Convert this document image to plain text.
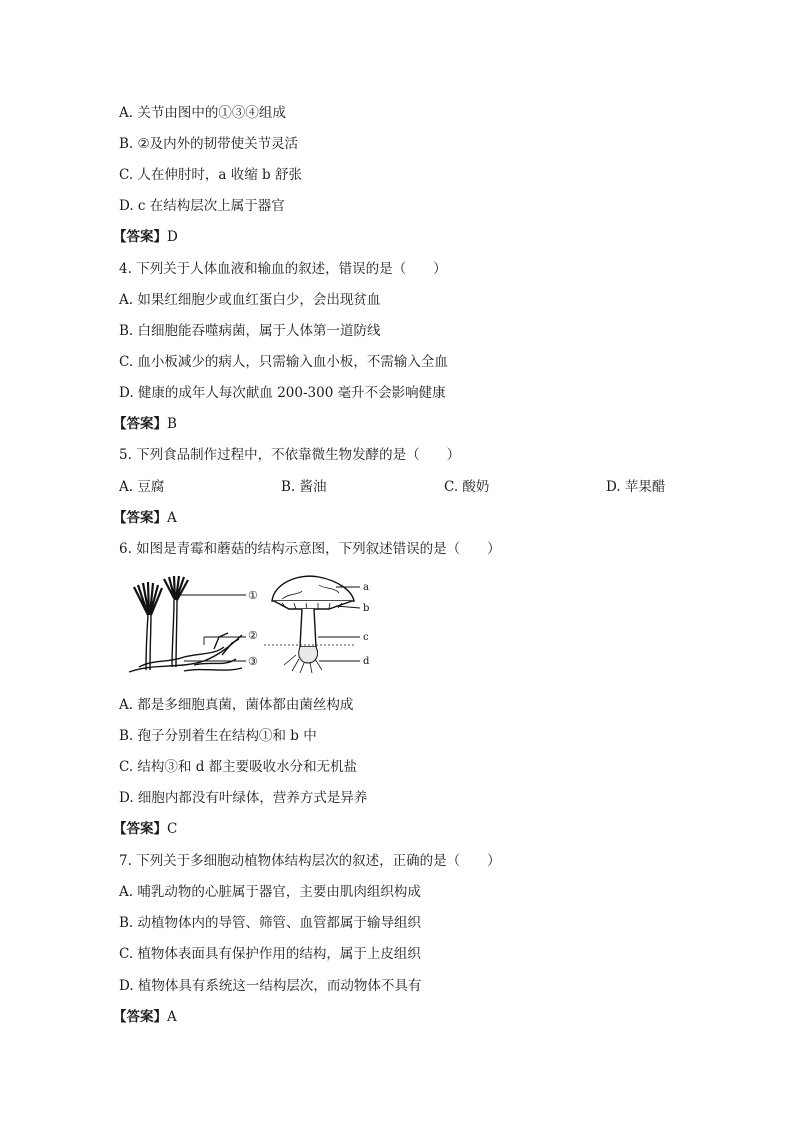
A. 关节由图中的①③④组成
B. ②及内外的韧带使关节灵活
C. 人在伸肘时，a 收缩 b 舒张
D. c 在结构层次上属于器官
【答案】D
4. 下列关于人体血液和输血的叙述，错误的是（　　）
A. 如果红细胞少或血红蛋白少，会出现贫血
B. 白细胞能吞噬病菌，属于人体第一道防线
C. 血小板减少的病人，只需输入血小板，不需输入全血
D. 健康的成年人每次献血 200-300 毫升不会影响健康
【答案】B
5. 下列食品制作过程中，不依靠微生物发酵的是（　　）
A. 豆腐	B. 酱油	C. 酸奶	D. 苹果醋
【答案】A
6. 如图是青霉和蘑菇的结构示意图，下列叙述错误的是（　　）
①
②
③
a
b
c
d
A. 都是多细胞真菌，菌体都由菌丝构成
B. 孢子分别着生在结构①和 b 中
C. 结构③和 d 都主要吸收水分和无机盐
D. 细胞内都没有叶绿体，营养方式是异养
【答案】C
7. 下列关于多细胞动植物体结构层次的叙述，正确的是（　　）
A. 哺乳动物的心脏属于器官，主要由肌肉组织构成
B. 动植物体内的导管、筛管、血管都属于输导组织
C. 植物体表面具有保护作用的结构，属于上皮组织
D. 植物体具有系统这一结构层次，而动物体不具有
【答案】A
